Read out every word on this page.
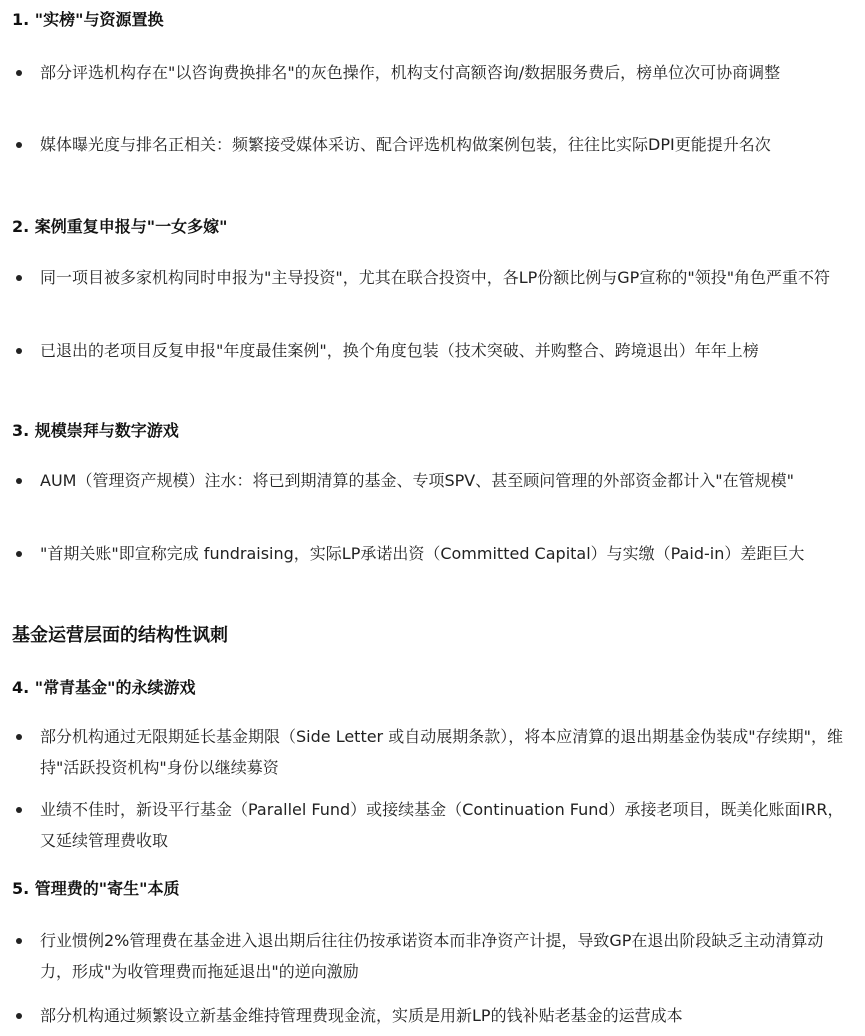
1. "实榜"与资源置换
部分评选机构存在"以咨询费换排名"的灰色操作，机构支付高额咨询/数据服务费后，榜单位次可协商调整
媒体曝光度与排名正相关：频繁接受媒体采访、配合评选机构做案例包装，往往比实际DPI更能提升名次
2. 案例重复申报与"一女多嫁"
同一项目被多家机构同时申报为"主导投资"，尤其在联合投资中，各LP份额比例与GP宣称的"领投"角色严重不符
已退出的老项目反复申报"年度最佳案例"，换个角度包装（技术突破、并购整合、跨境退出）年年上榜
3. 规模崇拜与数字游戏
AUM（管理资产规模）注水：将已到期清算的基金、专项SPV、甚至顾问管理的外部资金都计入"在管规模"
"首期关账"即宣称完成 fundraising，实际LP承诺出资（Committed Capital）与实缴（Paid-in）差距巨大
基金运营层面的结构性讽刺
4. "常青基金"的永续游戏
部分机构通过无限期延长基金期限（Side Letter 或自动展期条款），将本应清算的退出期基金伪装成"存续期"，维持"活跃投资机构"身份以继续募资
业绩不佳时，新设平行基金（Parallel Fund）或接续基金（Continuation Fund）承接老项目，既美化账面IRR，又延续管理费收取
5. 管理费的"寄生"本质
行业惯例2%管理费在基金进入退出期后往往仍按承诺资本而非净资产计提，导致GP在退出阶段缺乏主动清算动力，形成"为收管理费而拖延退出"的逆向激励
部分机构通过频繁设立新基金维持管理费现金流，实质是用新LP的钱补贴老基金的运营成本
